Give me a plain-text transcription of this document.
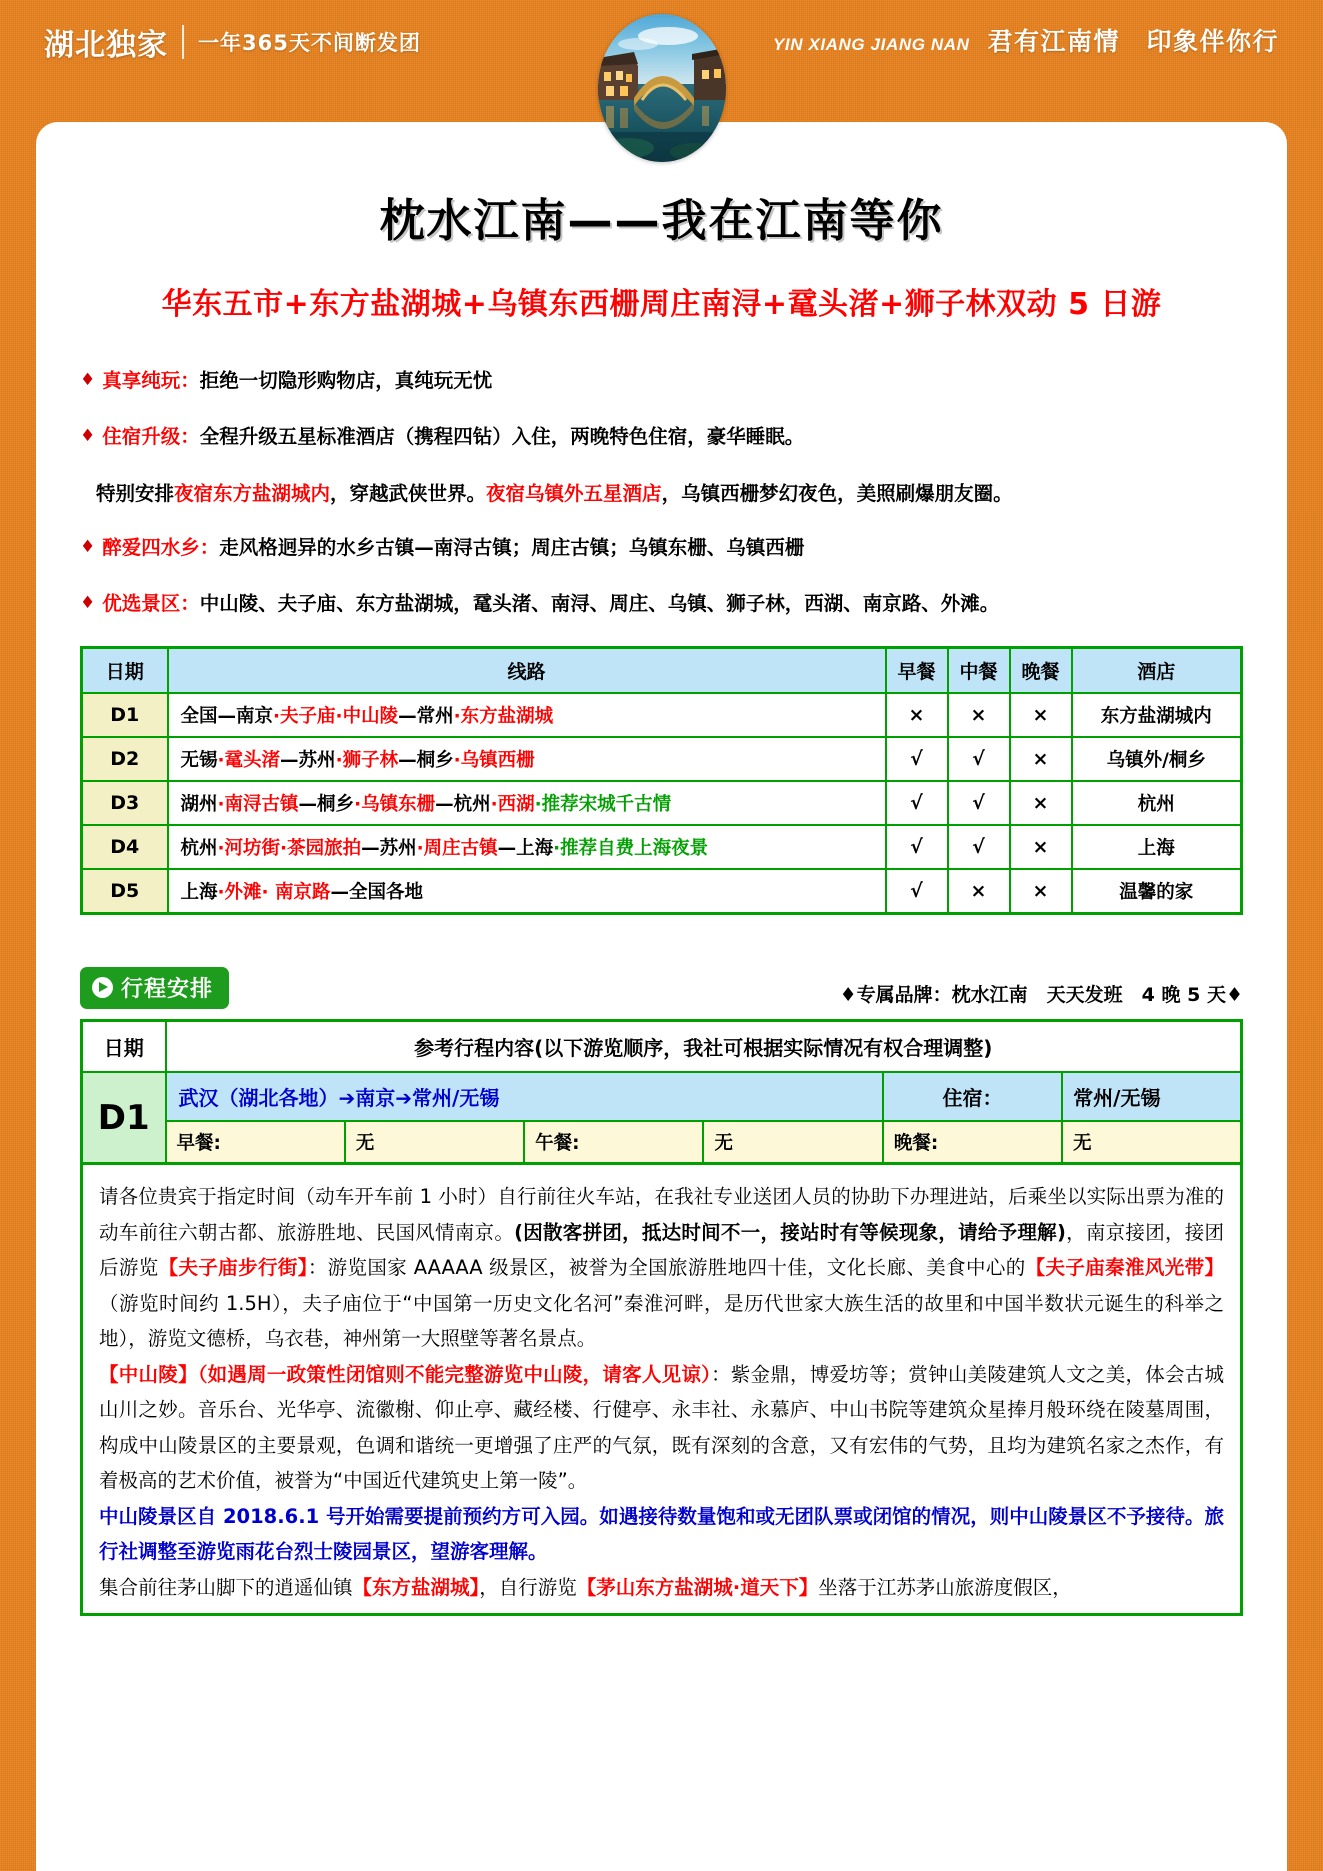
湖北独家 一年365天不间断发团	YIN XIANG JIANG NAN 君有江南情　印象伴你行
枕水江南——我在江南等你
华东五市+东方盐湖城+乌镇东西栅周庄南浔+鼋头渚+狮子林双动 5 日游
♦ 真享纯玩：拒绝一切隐形购物店，真纯玩无忧
♦ 住宿升级：全程升级五星标准酒店（携程四钻）入住，两晚特色住宿，豪华睡眠。
特别安排夜宿东方盐湖城内，穿越武侠世界。夜宿乌镇外五星酒店，乌镇西栅梦幻夜色，美照刷爆朋友圈。
♦ 醉爱四水乡：走风格迥异的水乡古镇—南浔古镇；周庄古镇；乌镇东栅、乌镇西栅
♦ 优选景区：中山陵、夫子庙、东方盐湖城，鼋头渚、南浔、周庄、乌镇、狮子林，西湖、南京路、外滩。
日期	线路	早餐	中餐	晚餐	酒店
D1	全国—南京·夫子庙·中山陵—常州·东方盐湖城	×	×	×	东方盐湖城内
D2	无锡·鼋头渚—苏州·狮子林—桐乡·乌镇西栅	√	√	×	乌镇外/桐乡
D3	湖州·南浔古镇—桐乡·乌镇东栅—杭州·西湖·推荐宋城千古情	√	√	×	杭州
D4	杭州·河坊街·茶园旅拍—苏州·周庄古镇—上海·推荐自费上海夜景	√	√	×	上海
D5	上海·外滩· 南京路—全国各地	√	×	×	温馨的家
行程安排	♦专属品牌：枕水江南　天天发班　4 晚 5 天♦
日期	参考行程内容(以下游览顺序，我社可根据实际情况有权合理调整)					
D1	武汉（湖北各地）➔南京➔常州/无锡				住宿：	常州/无锡
	早餐:	无	午餐:	无	晚餐:	无

请各位贵宾于指定时间（动车开车前 1 小时）自行前往火车站，在我社专业送团人员的协助下办理进站，后乘坐以实际出票为准的动车前往六朝古都、旅游胜地、民国风情南京。(因散客拼团，抵达时间不一，接站时有等候现象，请给予理解)，南京接团，接团后游览【夫子庙步行街】：游览国家 AAAAA 级景区，被誉为全国旅游胜地四十佳，文化长廊、美食中心的【夫子庙秦淮风光带】（游览时间约 1.5H），夫子庙位于“中国第一历史文化名河”秦淮河畔，是历代世家大族生活的故里和中国半数状元诞生的科举之地），游览文德桥，乌衣巷，神州第一大照壁等著名景点。

【中山陵】（如遇周一政策性闭馆则不能完整游览中山陵，请客人见谅）：紫金鼎，博爱坊等；赏钟山美陵建筑人文之美，体会古城山川之妙。音乐台、光华亭、流徽榭、仰止亭、藏经楼、行健亭、永丰社、永慕庐、中山书院等建筑众星捧月般环绕在陵墓周围，构成中山陵景区的主要景观，色调和谐统一更增强了庄严的气氛，既有深刻的含意，又有宏伟的气势，且均为建筑名家之杰作，有着极高的艺术价值，被誉为“中国近代建筑史上第一陵”。

中山陵景区自 2018.6.1 号开始需要提前预约方可入园。如遇接待数量饱和或无团队票或闭馆的情况，则中山陵景区不予接待。旅行社调整至游览雨花台烈士陵园景区，望游客理解。

集合前往茅山脚下的逍遥仙镇【东方盐湖城】，自行游览【茅山东方盐湖城·道天下】坐落于江苏茅山旅游度假区，
